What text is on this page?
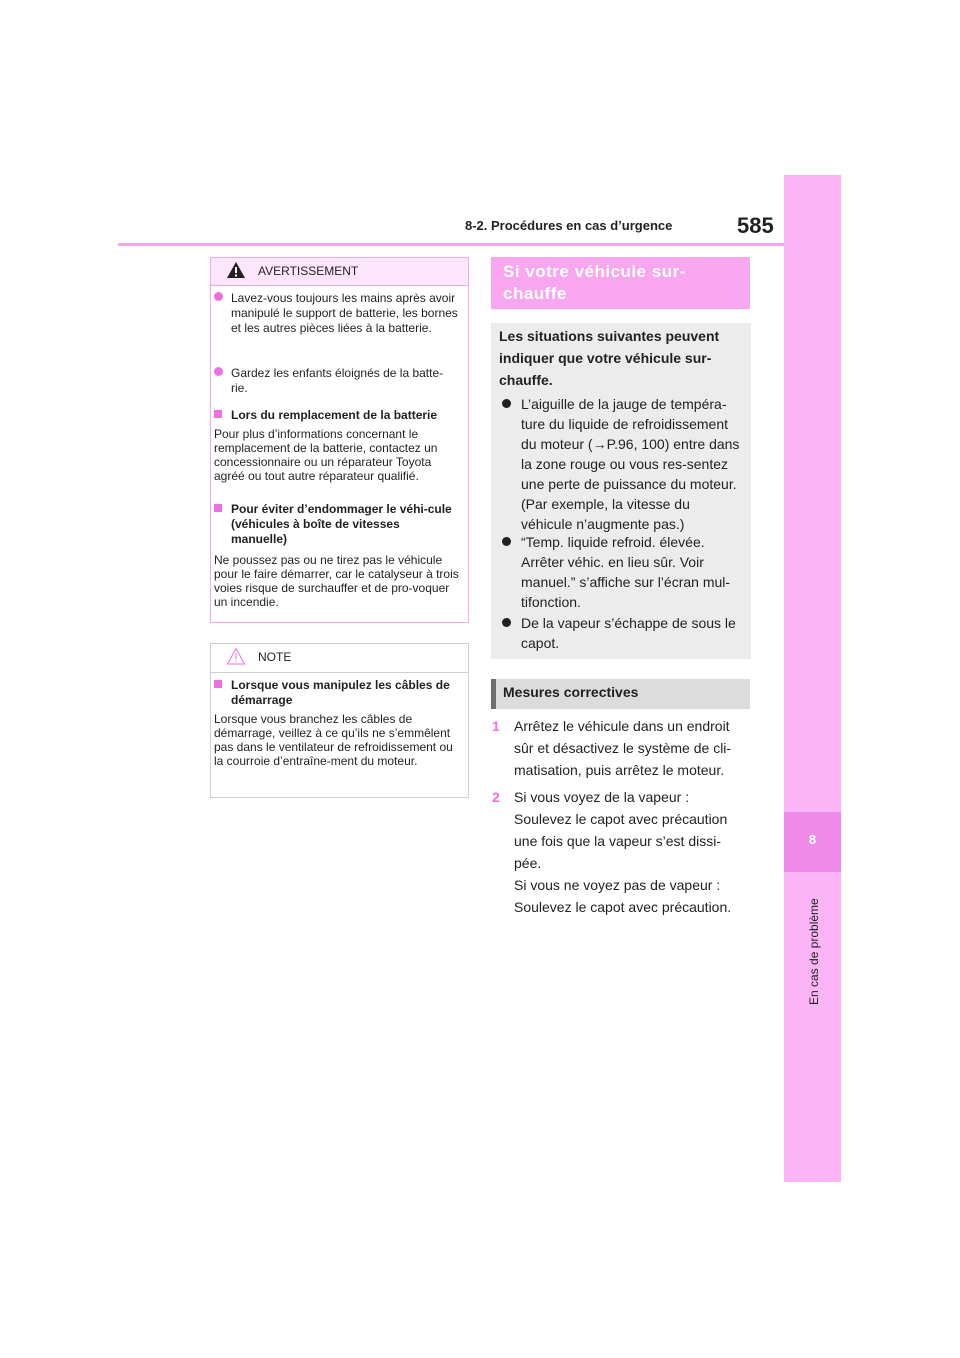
8-2. Procédures en cas d’urgence	585
8
En cas de problème
AVERTISSEMENT
Lavez-vous toujours les mains après avoir manipulé le support de batterie, les bornes et les autres pièces liées à la batterie.
Gardez les enfants éloignés de la batte-rie.
Lors du remplacement de la batterie
Pour plus d’informations concernant le remplacement de la batterie, contactez un concessionnaire ou un réparateur Toyota agréé ou tout autre réparateur qualifié.
Pour éviter d’endommager le véhi-cule (véhicules à boîte de vitesses manuelle)
Ne poussez pas ou ne tirez pas le véhicule pour le faire démarrer, car le catalyseur à trois voies risque de surchauffer et de pro-voquer un incendie.
NOTE
Lorsque vous manipulez les câbles de démarrage
Lorsque vous branchez les câbles de démarrage, veillez à ce qu’ils ne s’emmêlent pas dans le ventilateur de refroidissement ou la courroie d’entraîne-ment du moteur.
Si votre véhicule sur-chauffe
Les situations suivantes peuvent indiquer que votre véhicule sur-chauffe.
L’aiguille de la jauge de tempéra-ture du liquide de refroidissement du moteur (→P.96, 100) entre dans la zone rouge ou vous res-sentez une perte de puissance du moteur. (Par exemple, la vitesse du véhicule n’augmente pas.)
“Temp. liquide refroid. élevée. Arrêter véhic. en lieu sûr. Voir manuel.” s’affiche sur l’écran mul-tifonction.
De la vapeur s’échappe de sous le capot.
Mesures correctives
1 Arrêtez le véhicule dans un endroit sûr et désactivez le système de cli-matisation, puis arrêtez le moteur.
2 Si vous voyez de la vapeur : Soulevez le capot avec précaution une fois que la vapeur s’est dissi-pée.
Si vous ne voyez pas de vapeur : Soulevez le capot avec précaution.
